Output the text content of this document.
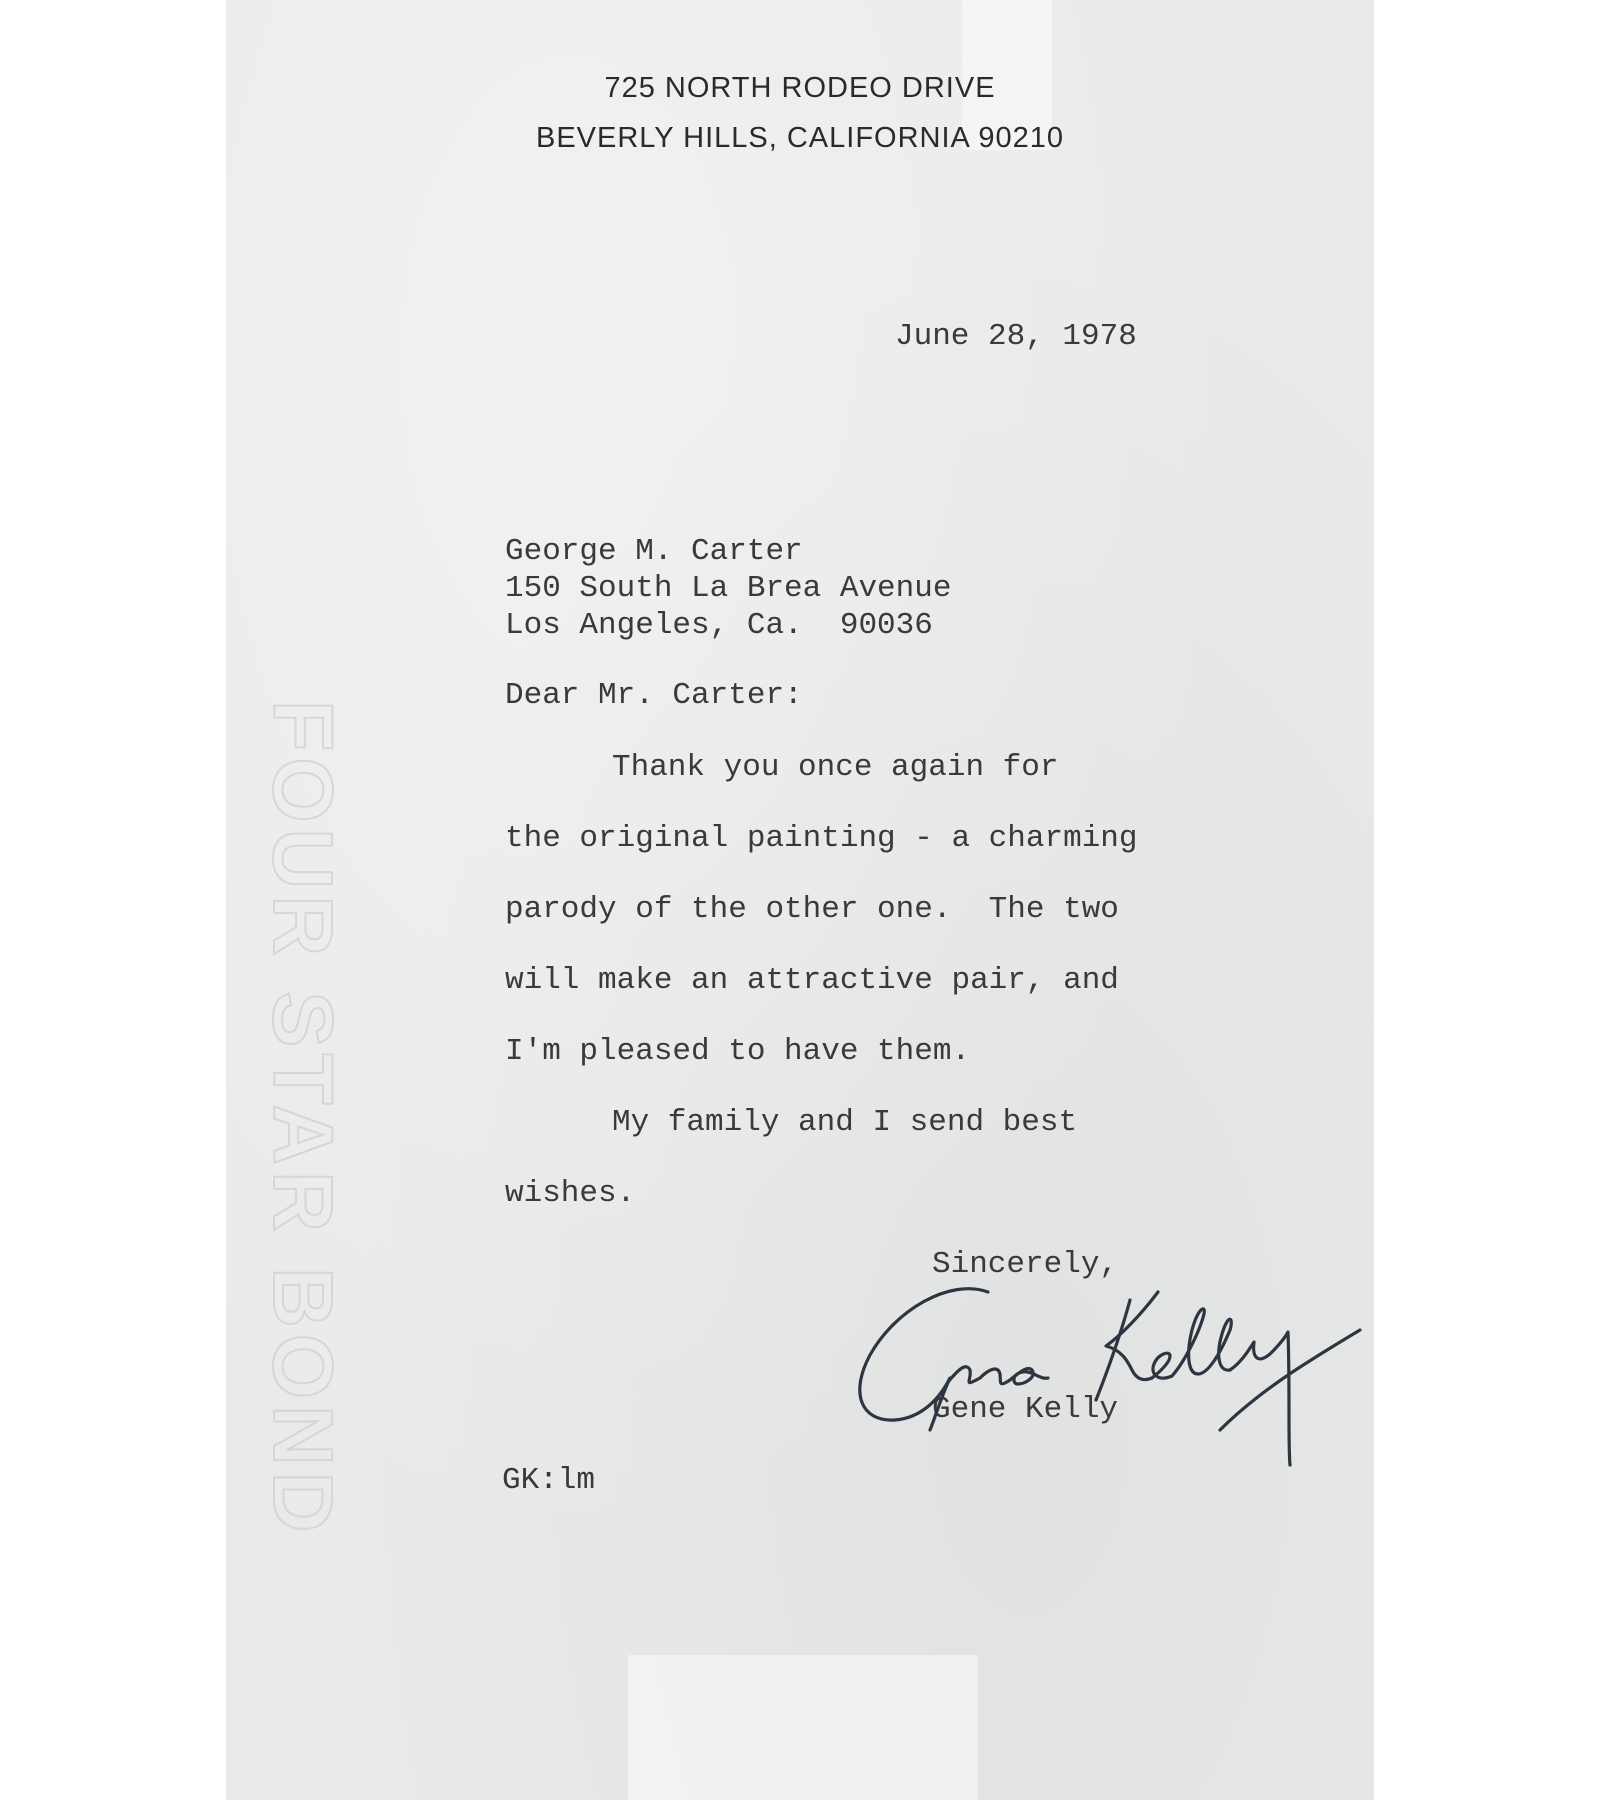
FOUR STAR BOND
725 NORTH RODEO DRIVE
BEVERLY HILLS, CALIFORNIA 90210
June 28, 1978
George M. Carter
150 South La Brea Avenue
Los Angeles, Ca.  90036
Dear Mr. Carter:
Thank you once again for
the original painting - a charming
parody of the other one.  The two
will make an attractive pair, and
I'm pleased to have them.
My family and I send best
wishes.
Sincerely,
Gene Kelly
GK:lm
